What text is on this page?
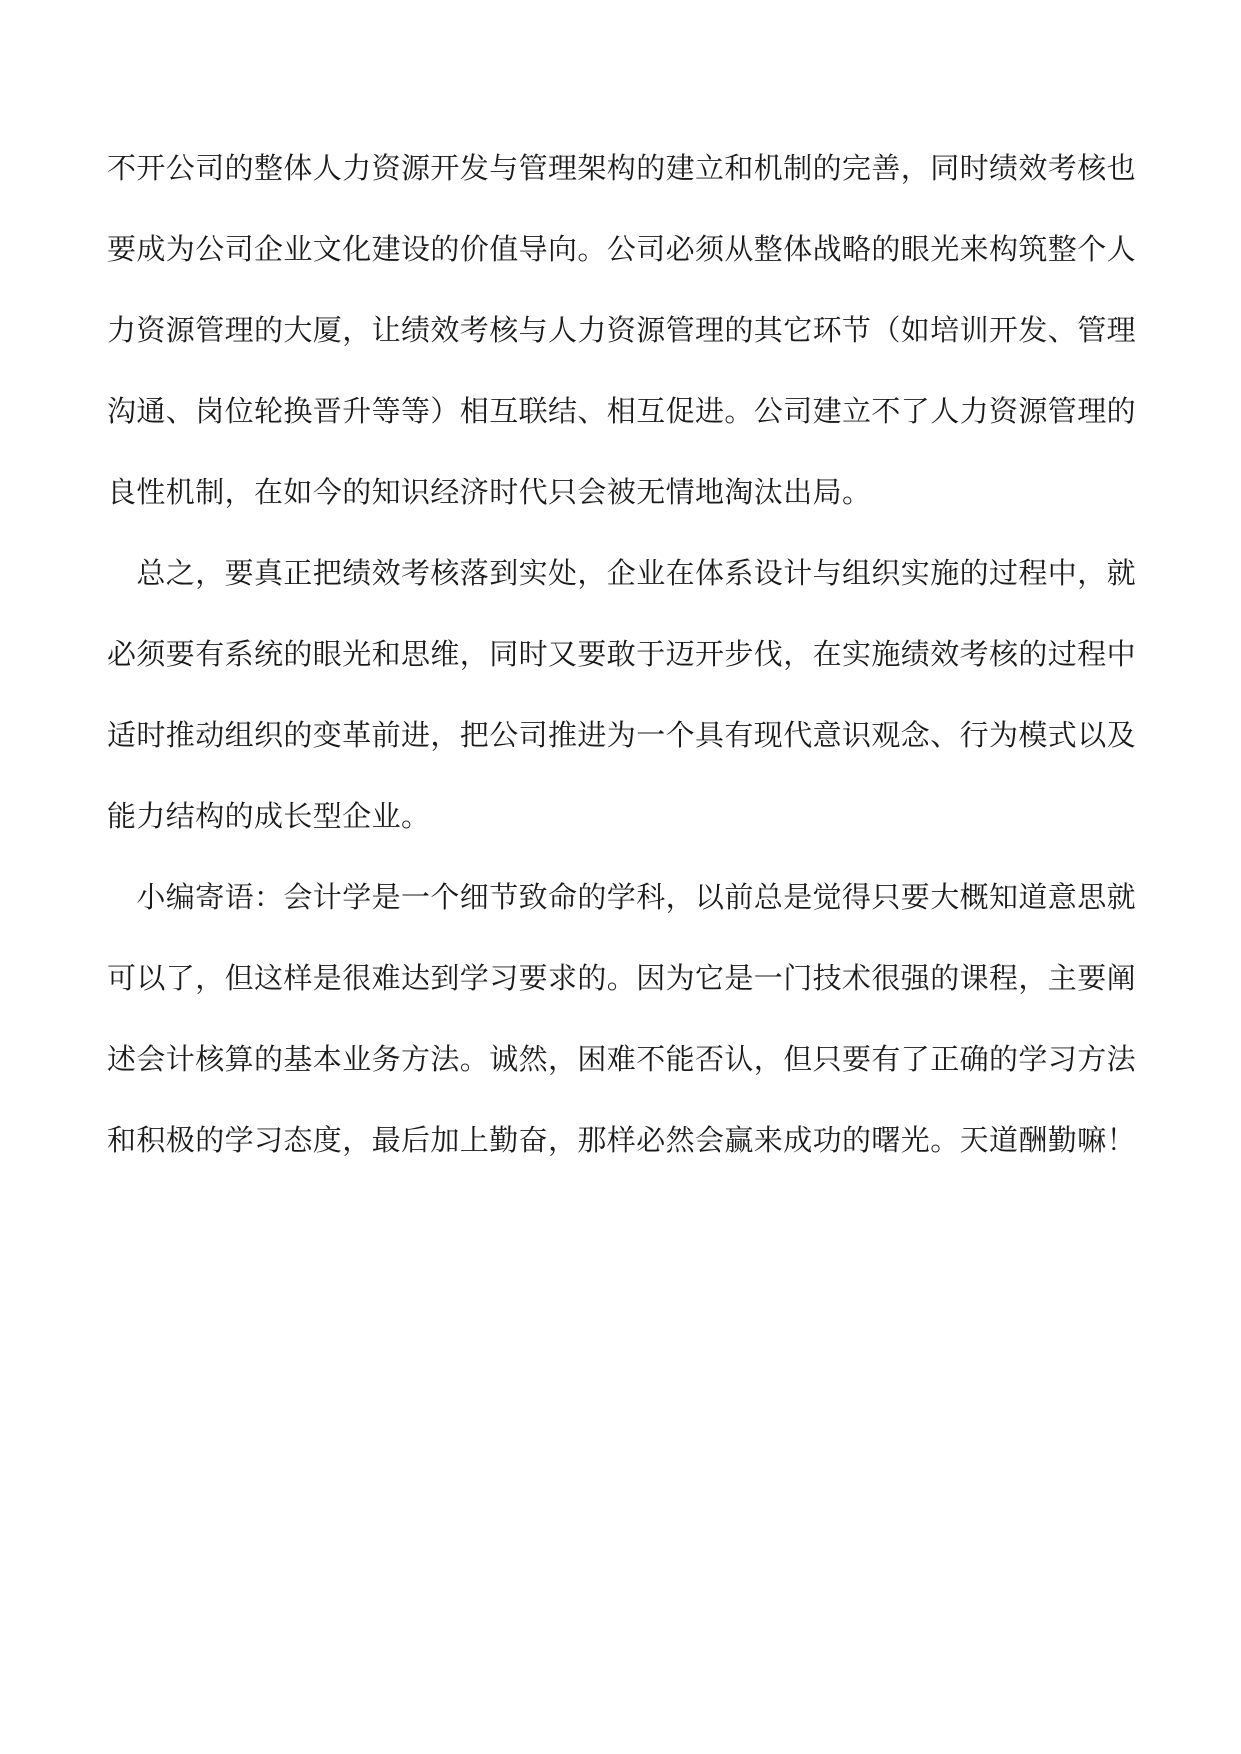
不开公司的整体人力资源开发与管理架构的建立和机制的完善，同时绩效考核也
要成为公司企业文化建设的价值导向。公司必须从整体战略的眼光来构筑整个人
力资源管理的大厦，让绩效考核与人力资源管理的其它环节（如培训开发、管理
沟通、岗位轮换晋升等等）相互联结、相互促进。公司建立不了人力资源管理的
良性机制，在如今的知识经济时代只会被无情地淘汰出局。
　总之，要真正把绩效考核落到实处，企业在体系设计与组织实施的过程中，就
必须要有系统的眼光和思维，同时又要敢于迈开步伐，在实施绩效考核的过程中
适时推动组织的变革前进，把公司推进为一个具有现代意识观念、行为模式以及
能力结构的成长型企业。
　小编寄语：会计学是一个细节致命的学科，以前总是觉得只要大概知道意思就
可以了，但这样是很难达到学习要求的。因为它是一门技术很强的课程，主要阐
述会计核算的基本业务方法。诚然，困难不能否认，但只要有了正确的学习方法
和积极的学习态度，最后加上勤奋，那样必然会赢来成功的曙光。天道酬勤嘛！
